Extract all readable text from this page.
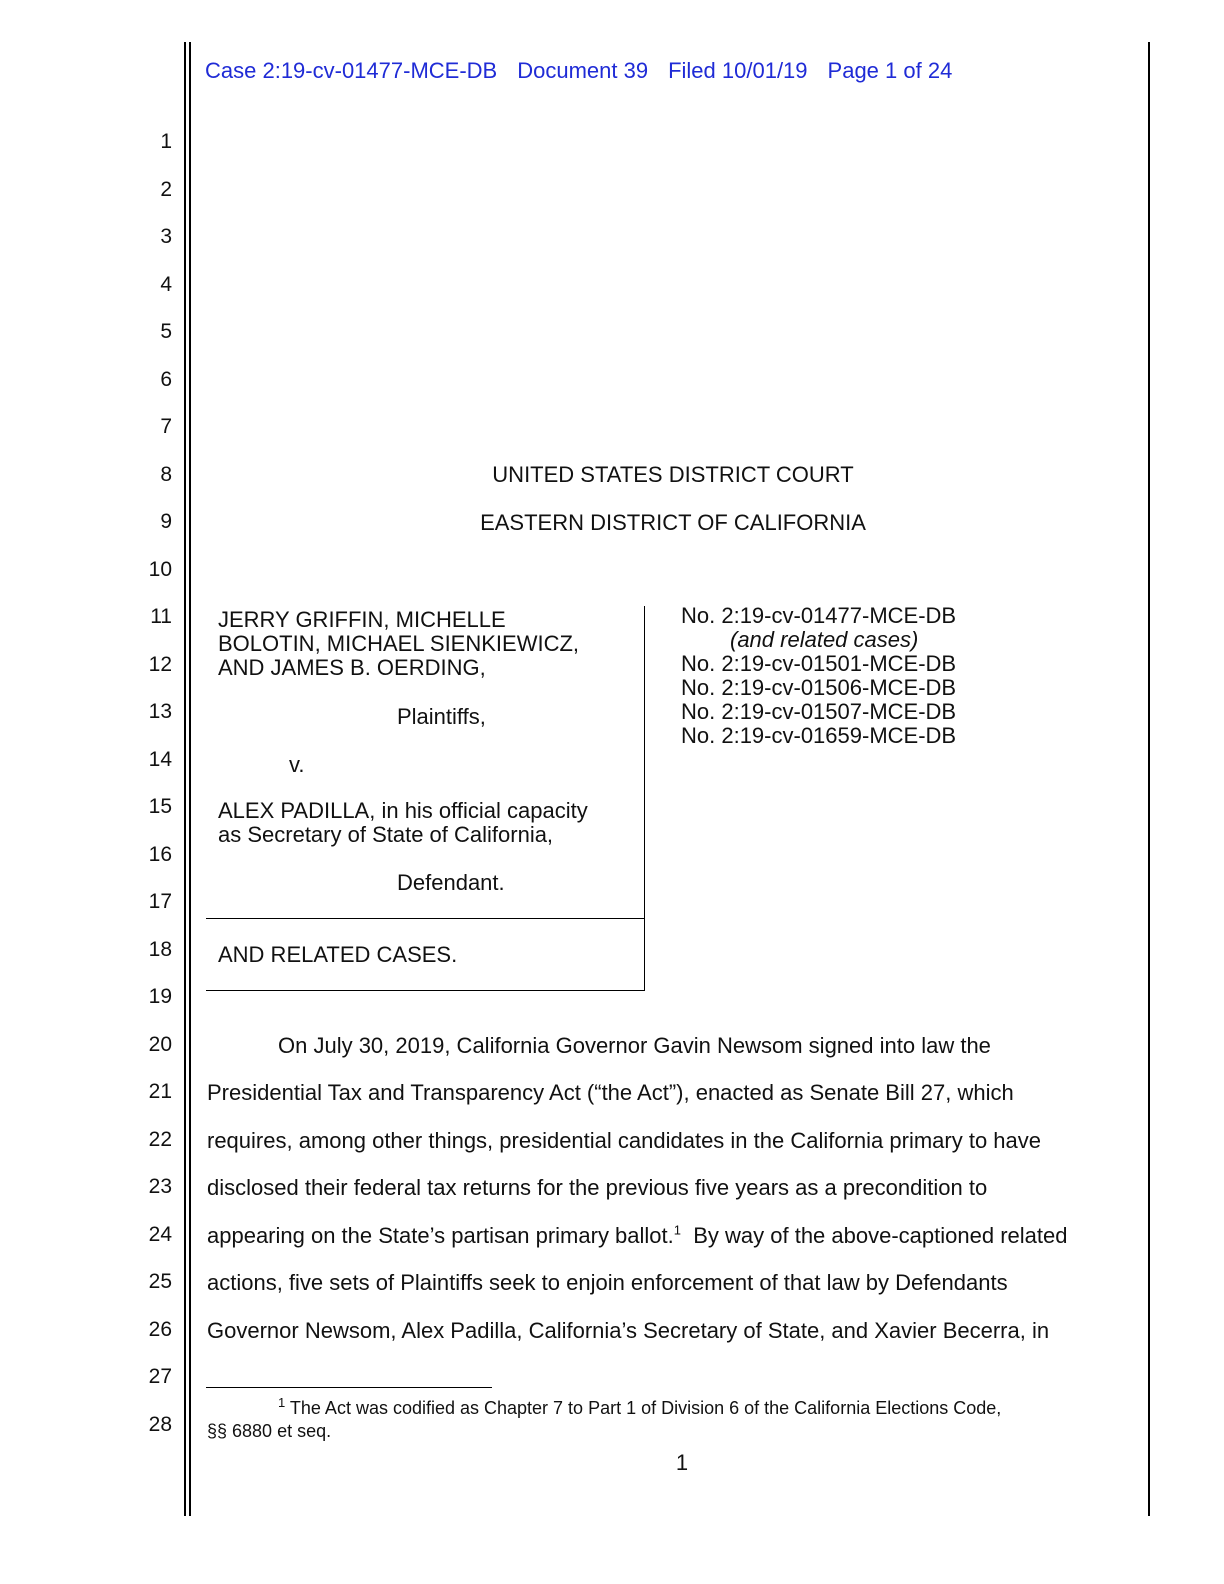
Case 2:19-cv-01477-MCE-DB Document 39 Filed 10/01/19 Page 1 of 24
1
2
3
4
5
6
7
8
9
10
11
12
13
14
15
16
17
18
19
20
21
22
23
24
25
26
27
28
UNITED STATES DISTRICT COURT
EASTERN DISTRICT OF CALIFORNIA
JERRY GRIFFIN, MICHELLE
BOLOTIN, MICHAEL SIENKIEWICZ,
AND JAMES B. OERDING,
Plaintiffs,
v.
ALEX PADILLA, in his official capacity
as Secretary of State of California,
Defendant.
AND RELATED CASES.
No. 2:19-cv-01477-MCE-DB
(and related cases)
No. 2:19-cv-01501-MCE-DB
No. 2:19-cv-01506-MCE-DB
No. 2:19-cv-01507-MCE-DB
No. 2:19-cv-01659-MCE-DB
On July 30, 2019, California Governor Gavin Newsom signed into law the
Presidential Tax and Transparency Act (“the Act”), enacted as Senate Bill 27, which
requires, among other things, presidential candidates in the California primary to have
disclosed their federal tax returns for the previous five years as a precondition to
appearing on the State’s partisan primary ballot.$^1$  By way of the above-captioned related
actions, five sets of Plaintiffs seek to enjoin enforcement of that law by Defendants
Governor Newsom, Alex Padilla, California’s Secretary of State, and Xavier Becerra, in
$^1$ The Act was codified as Chapter 7 to Part 1 of Division 6 of the California Elections Code,
§§ 6880 et seq.
1
